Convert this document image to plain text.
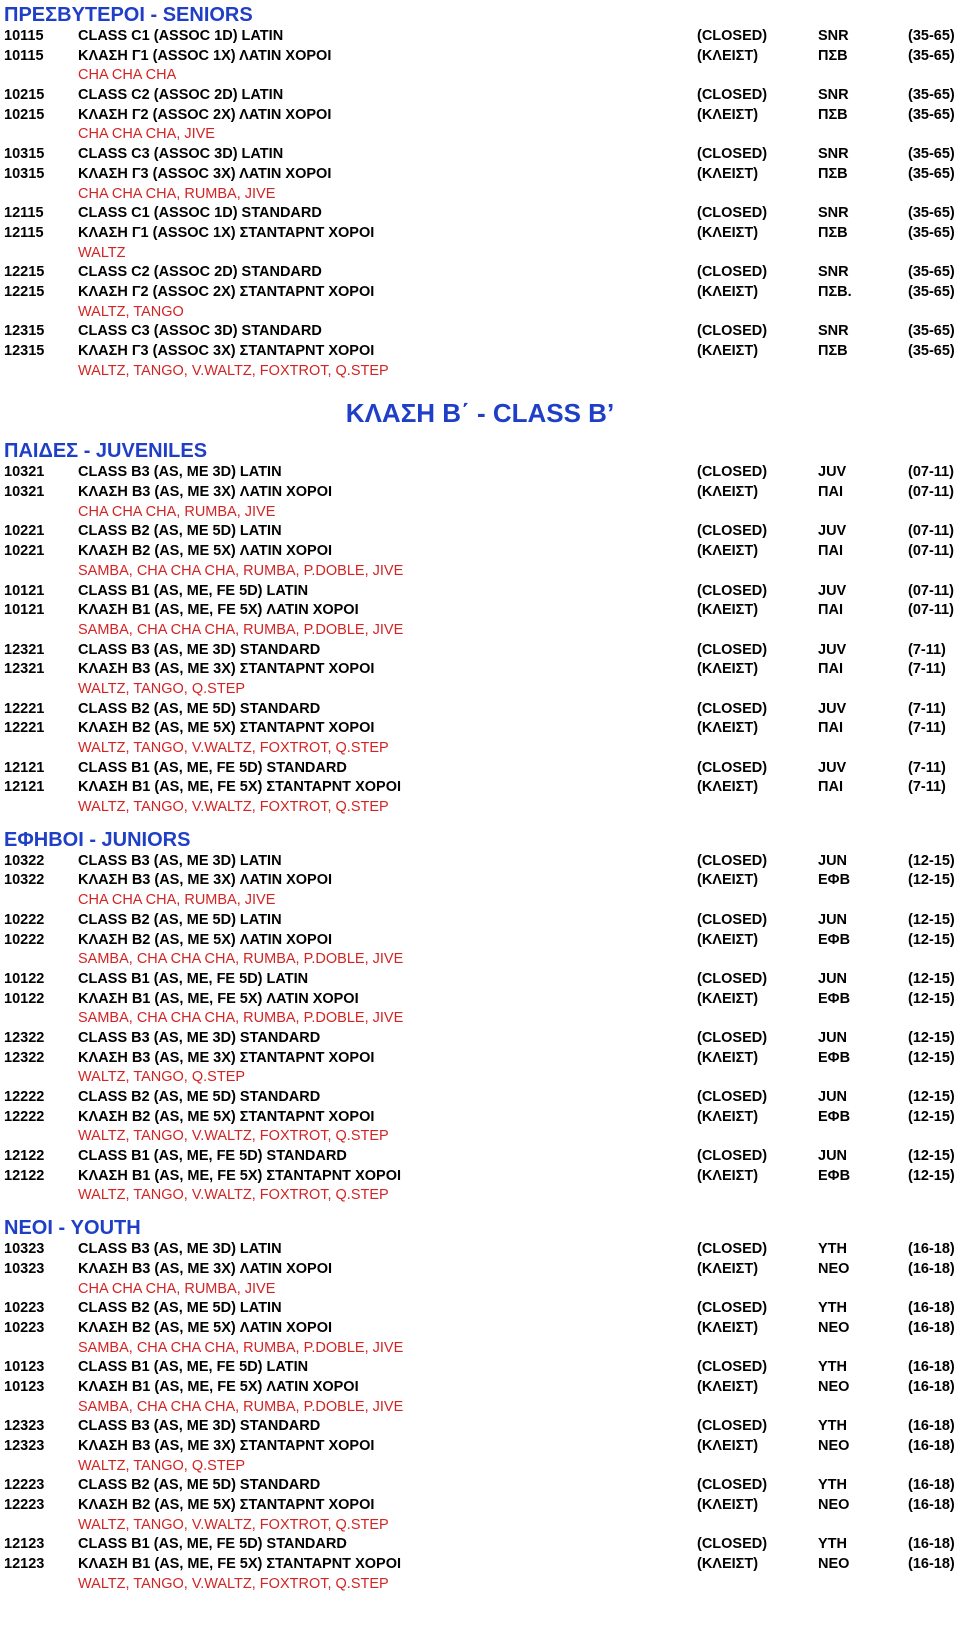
ΠΡΕΣΒΥΤΕΡΟΙ - SENIORS
10115 CLASS C1 (ASSOC 1D) LATIN	(CLOSED)	SNR	(35-65)
10115 ΚΛΑΣΗ Γ1 (ASSOC 1X) ΛΑΤΙΝ ΧΟΡΟΙ	(ΚΛΕΙΣΤ)	ΠΣΒ	(35-65)
CHA CHA CHA
10215 CLASS C2 (ASSOC 2D) LATIN	(CLOSED)	SNR	(35-65)
10215 ΚΛΑΣΗ Γ2 (ASSOC 2X) ΛΑΤΙΝ ΧΟΡΟΙ	(ΚΛΕΙΣΤ)	ΠΣΒ	(35-65)
CHA CHA CHA, JIVE
10315 CLASS C3 (ASSOC 3D) LATIN	(CLOSED)	SNR	(35-65)
10315 ΚΛΑΣΗ Γ3 (ASSOC 3X) ΛΑΤΙΝ ΧΟΡΟΙ	(ΚΛΕΙΣΤ)	ΠΣΒ	(35-65)
CHA CHA CHA, RUMBA, JIVE
12115 CLASS C1 (ASSOC 1D) STANDARD	(CLOSED)	SNR	(35-65)
12115 ΚΛΑΣΗ Γ1 (ASSOC 1X) ΣΤΑΝΤΑΡΝΤ ΧΟΡΟΙ	(ΚΛΕΙΣΤ)	ΠΣΒ	(35-65)
WALTZ
12215 CLASS C2 (ASSOC 2D) STANDARD	(CLOSED)	SNR	(35-65)
12215 ΚΛΑΣΗ Γ2 (ASSOC 2X) ΣΤΑΝΤΑΡΝΤ ΧΟΡΟΙ	(ΚΛΕΙΣΤ)	ΠΣΒ.	(35-65)
WALTZ, TANGO
12315 CLASS C3 (ASSOC 3D) STANDARD	(CLOSED)	SNR	(35-65)
12315 ΚΛΑΣΗ Γ3 (ASSOC 3X) ΣΤΑΝΤΑΡΝΤ ΧΟΡΟΙ	(ΚΛΕΙΣΤ)	ΠΣΒ	(35-65)
WALTZ, TANGO, V.WALTZ, FOXTROT, Q.STEP
ΚΛΑΣΗ Β΄ - CLASS B’
ΠΑΙΔΕΣ - JUVENILES
10321 CLASS B3 (AS, ME 3D) LATIN	(CLOSED)	JUV	(07-11)
10321 ΚΛΑΣΗ B3 (AS, ME 3X) ΛΑΤΙΝ ΧΟΡΟΙ	(ΚΛΕΙΣΤ)	ΠΑΙ	(07-11)
CHA CHA CHA, RUMBA, JIVE
10221 CLASS B2 (AS, ME 5D) LATIN	(CLOSED)	JUV	(07-11)
10221 ΚΛΑΣΗ B2 (AS, ME 5X) ΛΑΤΙΝ ΧΟΡΟΙ	(ΚΛΕΙΣΤ)	ΠΑΙ	(07-11)
SAMBA, CHA CHA CHA, RUMBA, P.DOBLE, JIVE
10121 CLASS B1 (AS, ME, FE 5D) LATIN	(CLOSED)	JUV	(07-11)
10121 ΚΛΑΣΗ B1 (AS, ME, FE 5X) ΛΑΤΙΝ ΧΟΡΟΙ	(ΚΛΕΙΣΤ)	ΠΑΙ	(07-11)
SAMBA, CHA CHA CHA, RUMBA, P.DOBLE, JIVE
12321 CLASS B3 (AS, ME 3D) STANDARD	(CLOSED)	JUV	(7-11)
12321 ΚΛΑΣΗ B3 (AS, ME 3X) ΣΤΑΝΤΑΡΝΤ ΧΟΡΟΙ	(ΚΛΕΙΣΤ)	ΠΑΙ	(7-11)
WALTZ, TANGO, Q.STEP
12221 CLASS B2 (AS, ME 5D) STANDARD	(CLOSED)	JUV	(7-11)
12221 ΚΛΑΣΗ B2 (AS, ME 5X) ΣΤΑΝΤΑΡΝΤ ΧΟΡΟΙ	(ΚΛΕΙΣΤ)	ΠΑΙ	(7-11)
WALTZ, TANGO, V.WALTZ, FOXTROT, Q.STEP
12121 CLASS B1 (AS, ME, FE 5D) STANDARD	(CLOSED)	JUV	(7-11)
12121 ΚΛΑΣΗ B1 (AS, ME, FE 5X) ΣΤΑΝΤΑΡΝΤ ΧΟΡΟΙ	(ΚΛΕΙΣΤ)	ΠΑΙ	(7-11)
WALTZ, TANGO, V.WALTZ, FOXTROT, Q.STEP
ΕΦΗΒΟΙ - JUNIORS
10322 CLASS B3 (AS, ME 3D) LATIN	(CLOSED)	JUN	(12-15)
10322 ΚΛΑΣΗ B3 (AS, ME 3X) ΛΑΤΙΝ ΧΟΡΟΙ	(ΚΛΕΙΣΤ)	ΕΦΒ	(12-15)
CHA CHA CHA, RUMBA, JIVE
10222 CLASS B2 (AS, ME 5D) LATIN	(CLOSED)	JUN	(12-15)
10222 ΚΛΑΣΗ B2 (AS, ME 5X) ΛΑΤΙΝ ΧΟΡΟΙ	(ΚΛΕΙΣΤ)	ΕΦΒ	(12-15)
SAMBA, CHA CHA CHA, RUMBA, P.DOBLE, JIVE
10122 CLASS B1 (AS, ME, FE 5D) LATIN	(CLOSED)	JUN	(12-15)
10122 ΚΛΑΣΗ B1 (AS, ME, FE 5X) ΛΑΤΙΝ ΧΟΡΟΙ	(ΚΛΕΙΣΤ)	ΕΦΒ	(12-15)
SAMBA, CHA CHA CHA, RUMBA, P.DOBLE, JIVE
12322 CLASS B3 (AS, ME 3D) STANDARD	(CLOSED)	JUN	(12-15)
12322 ΚΛΑΣΗ B3 (AS, ME 3X) ΣΤΑΝΤΑΡΝΤ ΧΟΡΟΙ	(ΚΛΕΙΣΤ)	ΕΦΒ	(12-15)
WALTZ, TANGO, Q.STEP
12222 CLASS B2 (AS, ME 5D) STANDARD	(CLOSED)	JUN	(12-15)
12222 ΚΛΑΣΗ B2 (AS, ME 5X) ΣΤΑΝΤΑΡΝΤ ΧΟΡΟΙ	(ΚΛΕΙΣΤ)	ΕΦΒ	(12-15)
WALTZ, TANGO, V.WALTZ, FOXTROT, Q.STEP
12122 CLASS B1 (AS, ME, FE 5D) STANDARD	(CLOSED)	JUN	(12-15)
12122 ΚΛΑΣΗ B1 (AS, ME, FE 5X) ΣΤΑΝΤΑΡΝΤ ΧΟΡΟΙ	(ΚΛΕΙΣΤ)	ΕΦΒ	(12-15)
WALTZ, TANGO, V.WALTZ, FOXTROT, Q.STEP
ΝΕΟΙ - YOUTH
10323 CLASS B3 (AS, ME 3D) LATIN	(CLOSED)	YTH	(16-18)
10323 ΚΛΑΣΗ B3 (AS, ME 3X) ΛΑΤΙΝ ΧΟΡΟΙ	(ΚΛΕΙΣΤ)	ΝΕΟ	(16-18)
CHA CHA CHA, RUMBA, JIVE
10223 CLASS B2 (AS, ME 5D) LATIN	(CLOSED)	YTH	(16-18)
10223 ΚΛΑΣΗ B2 (AS, ME 5X) ΛΑΤΙΝ ΧΟΡΟΙ	(ΚΛΕΙΣΤ)	ΝΕΟ	(16-18)
SAMBA, CHA CHA CHA, RUMBA, P.DOBLE, JIVE
10123 CLASS B1 (AS, ME, FE 5D) LATIN	(CLOSED)	YTH	(16-18)
10123 ΚΛΑΣΗ B1 (AS, ME, FE 5X) ΛΑΤΙΝ ΧΟΡΟΙ	(ΚΛΕΙΣΤ)	ΝΕΟ	(16-18)
SAMBA, CHA CHA CHA, RUMBA, P.DOBLE, JIVE
12323 CLASS B3 (AS, ME 3D) STANDARD	(CLOSED)	YTH	(16-18)
12323 ΚΛΑΣΗ B3 (AS, ME 3X) ΣΤΑΝΤΑΡΝΤ ΧΟΡΟΙ	(ΚΛΕΙΣΤ)	ΝΕΟ	(16-18)
WALTZ, TANGO, Q.STEP
12223 CLASS B2 (AS, ME 5D) STANDARD	(CLOSED)	YTH	(16-18)
12223 ΚΛΑΣΗ B2 (AS, ME 5X) ΣΤΑΝΤΑΡΝΤ ΧΟΡΟΙ	(ΚΛΕΙΣΤ)	ΝΕΟ	(16-18)
WALTZ, TANGO, V.WALTZ, FOXTROT, Q.STEP
12123 CLASS B1 (AS, ME, FE 5D) STANDARD	(CLOSED)	YTH	(16-18)
12123 ΚΛΑΣΗ B1 (AS, ME, FE 5X) ΣΤΑΝΤΑΡΝΤ ΧΟΡΟΙ	(ΚΛΕΙΣΤ)	ΝΕΟ	(16-18)
WALTZ, TANGO, V.WALTZ, FOXTROT, Q.STEP
